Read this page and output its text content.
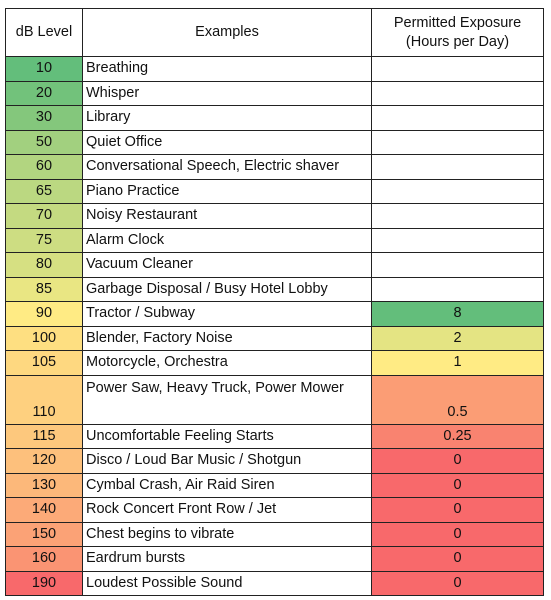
dB Level	Examples	Permitted Exposure
(Hours per Day)
10	Breathing	
20	Whisper	
30	Library	
50	Quiet Office	
60	Conversational Speech, Electric shaver	
65	Piano Practice	
70	Noisy Restaurant	
75	Alarm Clock	
80	Vacuum Cleaner	
85	Garbage Disposal / Busy Hotel Lobby	
90	Tractor / Subway	8
100	Blender, Factory Noise	2
105	Motorcycle, Orchestra	1
110	Power Saw, Heavy Truck, Power Mower	0.5
115	Uncomfortable Feeling Starts	0.25
120	Disco / Loud Bar Music / Shotgun	0
130	Cymbal Crash, Air Raid Siren	0
140	Rock Concert Front Row / Jet	0
150	Chest begins to vibrate	0
160	Eardrum bursts	0
190	Loudest Possible Sound	0
